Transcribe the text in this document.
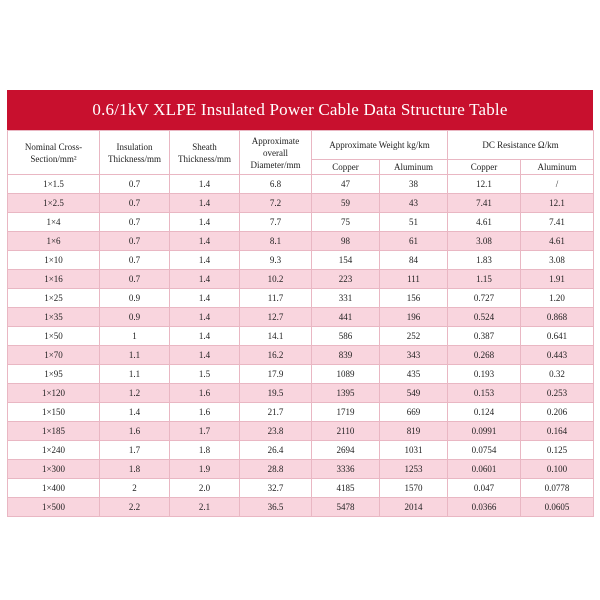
0.6/1kV XLPE Insulated Power Cable Data Structure Table
Nominal Cross-Section/mm²	Insulation Thickness/mm	Sheath Thickness/mm	Approximate overall Diameter/mm	Approximate Weight kg/km		DC Resistance Ω/km	
				Copper	Aluminum	Copper	Aluminum
1×1.5	0.7	1.4	6.8	47	38	12.1	/
1×2.5	0.7	1.4	7.2	59	43	7.41	12.1
1×4	0.7	1.4	7.7	75	51	4.61	7.41
1×6	0.7	1.4	8.1	98	61	3.08	4.61
1×10	0.7	1.4	9.3	154	84	1.83	3.08
1×16	0.7	1.4	10.2	223	111	1.15	1.91
1×25	0.9	1.4	11.7	331	156	0.727	1.20
1×35	0.9	1.4	12.7	441	196	0.524	0.868
1×50	1	1.4	14.1	586	252	0.387	0.641
1×70	1.1	1.4	16.2	839	343	0.268	0.443
1×95	1.1	1.5	17.9	1089	435	0.193	0.32
1×120	1.2	1.6	19.5	1395	549	0.153	0.253
1×150	1.4	1.6	21.7	1719	669	0.124	0.206
1×185	1.6	1.7	23.8	2110	819	0.0991	0.164
1×240	1.7	1.8	26.4	2694	1031	0.0754	0.125
1×300	1.8	1.9	28.8	3336	1253	0.0601	0.100
1×400	2	2.0	32.7	4185	1570	0.047	0.0778
1×500	2.2	2.1	36.5	5478	2014	0.0366	0.0605
